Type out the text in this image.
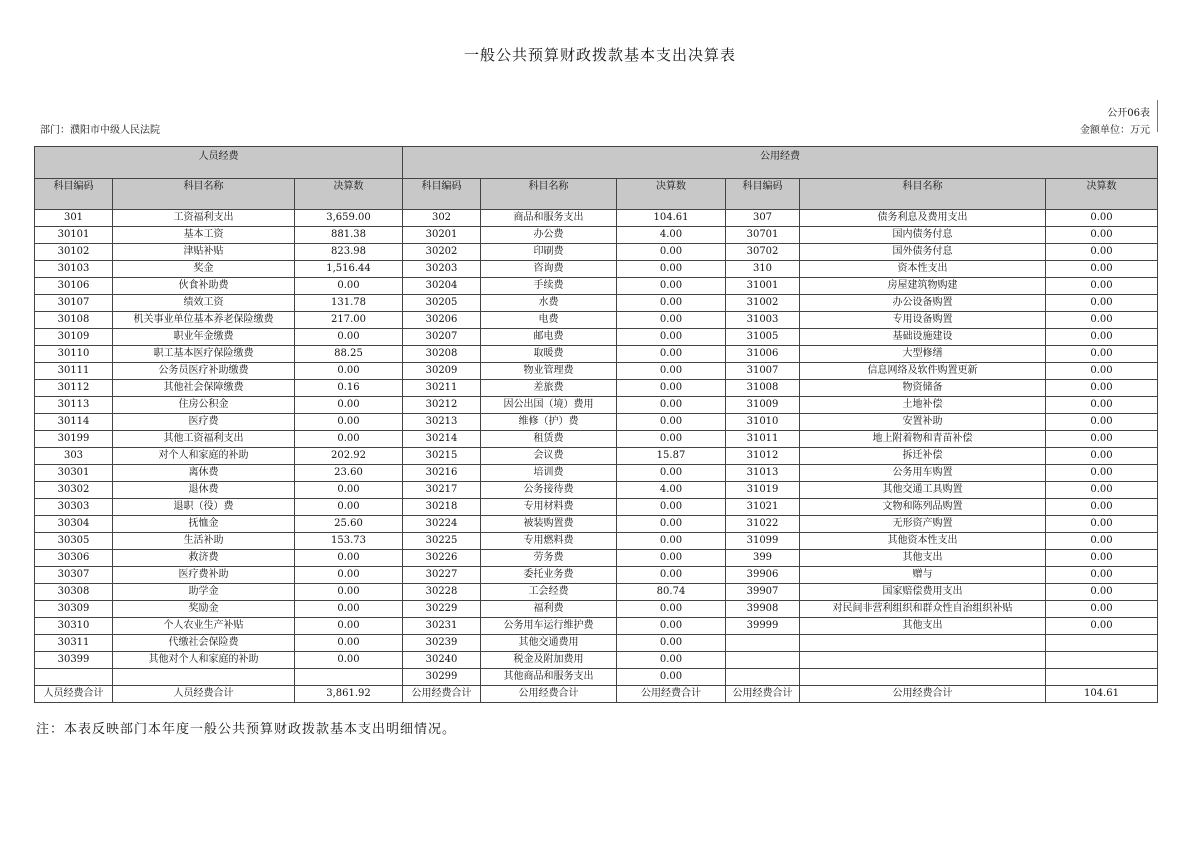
一般公共预算财政拨款基本支出决算表
公开06表
部门：濮阳市中级人民法院	金额单位：万元
人员经费			公用经费					
科目编码	科目名称	决算数	科目编码	科目名称	决算数	科目编码	科目名称	决算数
301	工资福利支出	3,659.00	302	商品和服务支出	104.61	307	债务利息及费用支出	0.00
30101	基本工资	881.38	30201	办公费	4.00	30701	国内债务付息	0.00
30102	津贴补贴	823.98	30202	印刷费	0.00	30702	国外债务付息	0.00
30103	奖金	1,516.44	30203	咨询费	0.00	310	资本性支出	0.00
30106	伙食补助费	0.00	30204	手续费	0.00	31001	房屋建筑物购建	0.00
30107	绩效工资	131.78	30205	水费	0.00	31002	办公设备购置	0.00
30108	机关事业单位基本养老保险缴费	217.00	30206	电费	0.00	31003	专用设备购置	0.00
30109	职业年金缴费	0.00	30207	邮电费	0.00	31005	基础设施建设	0.00
30110	职工基本医疗保险缴费	88.25	30208	取暖费	0.00	31006	大型修缮	0.00
30111	公务员医疗补助缴费	0.00	30209	物业管理费	0.00	31007	信息网络及软件购置更新	0.00
30112	其他社会保障缴费	0.16	30211	差旅费	0.00	31008	物资储备	0.00
30113	住房公积金	0.00	30212	因公出国（境）费用	0.00	31009	土地补偿	0.00
30114	医疗费	0.00	30213	维修（护）费	0.00	31010	安置补助	0.00
30199	其他工资福利支出	0.00	30214	租赁费	0.00	31011	地上附着物和青苗补偿	0.00
303	对个人和家庭的补助	202.92	30215	会议费	15.87	31012	拆迁补偿	0.00
30301	离休费	23.60	30216	培训费	0.00	31013	公务用车购置	0.00
30302	退休费	0.00	30217	公务接待费	4.00	31019	其他交通工具购置	0.00
30303	退职（役）费	0.00	30218	专用材料费	0.00	31021	文物和陈列品购置	0.00
30304	抚恤金	25.60	30224	被装购置费	0.00	31022	无形资产购置	0.00
30305	生活补助	153.73	30225	专用燃料费	0.00	31099	其他资本性支出	0.00
30306	救济费	0.00	30226	劳务费	0.00	399	其他支出	0.00
30307	医疗费补助	0.00	30227	委托业务费	0.00	39906	赠与	0.00
30308	助学金	0.00	30228	工会经费	80.74	39907	国家赔偿费用支出	0.00
30309	奖励金	0.00	30229	福利费	0.00	39908	对民间非营利组织和群众性自治组织补贴	0.00
30310	个人农业生产补贴	0.00	30231	公务用车运行维护费	0.00	39999	其他支出	0.00
30311	代缴社会保险费	0.00	30239	其他交通费用	0.00			
30399	其他对个人和家庭的补助	0.00	30240	税金及附加费用	0.00			
			30299	其他商品和服务支出	0.00			
人员经费合计	人员经费合计	3,861.92	公用经费合计	公用经费合计	公用经费合计	公用经费合计	公用经费合计	104.61
注：本表反映部门本年度一般公共预算财政拨款基本支出明细情况。
